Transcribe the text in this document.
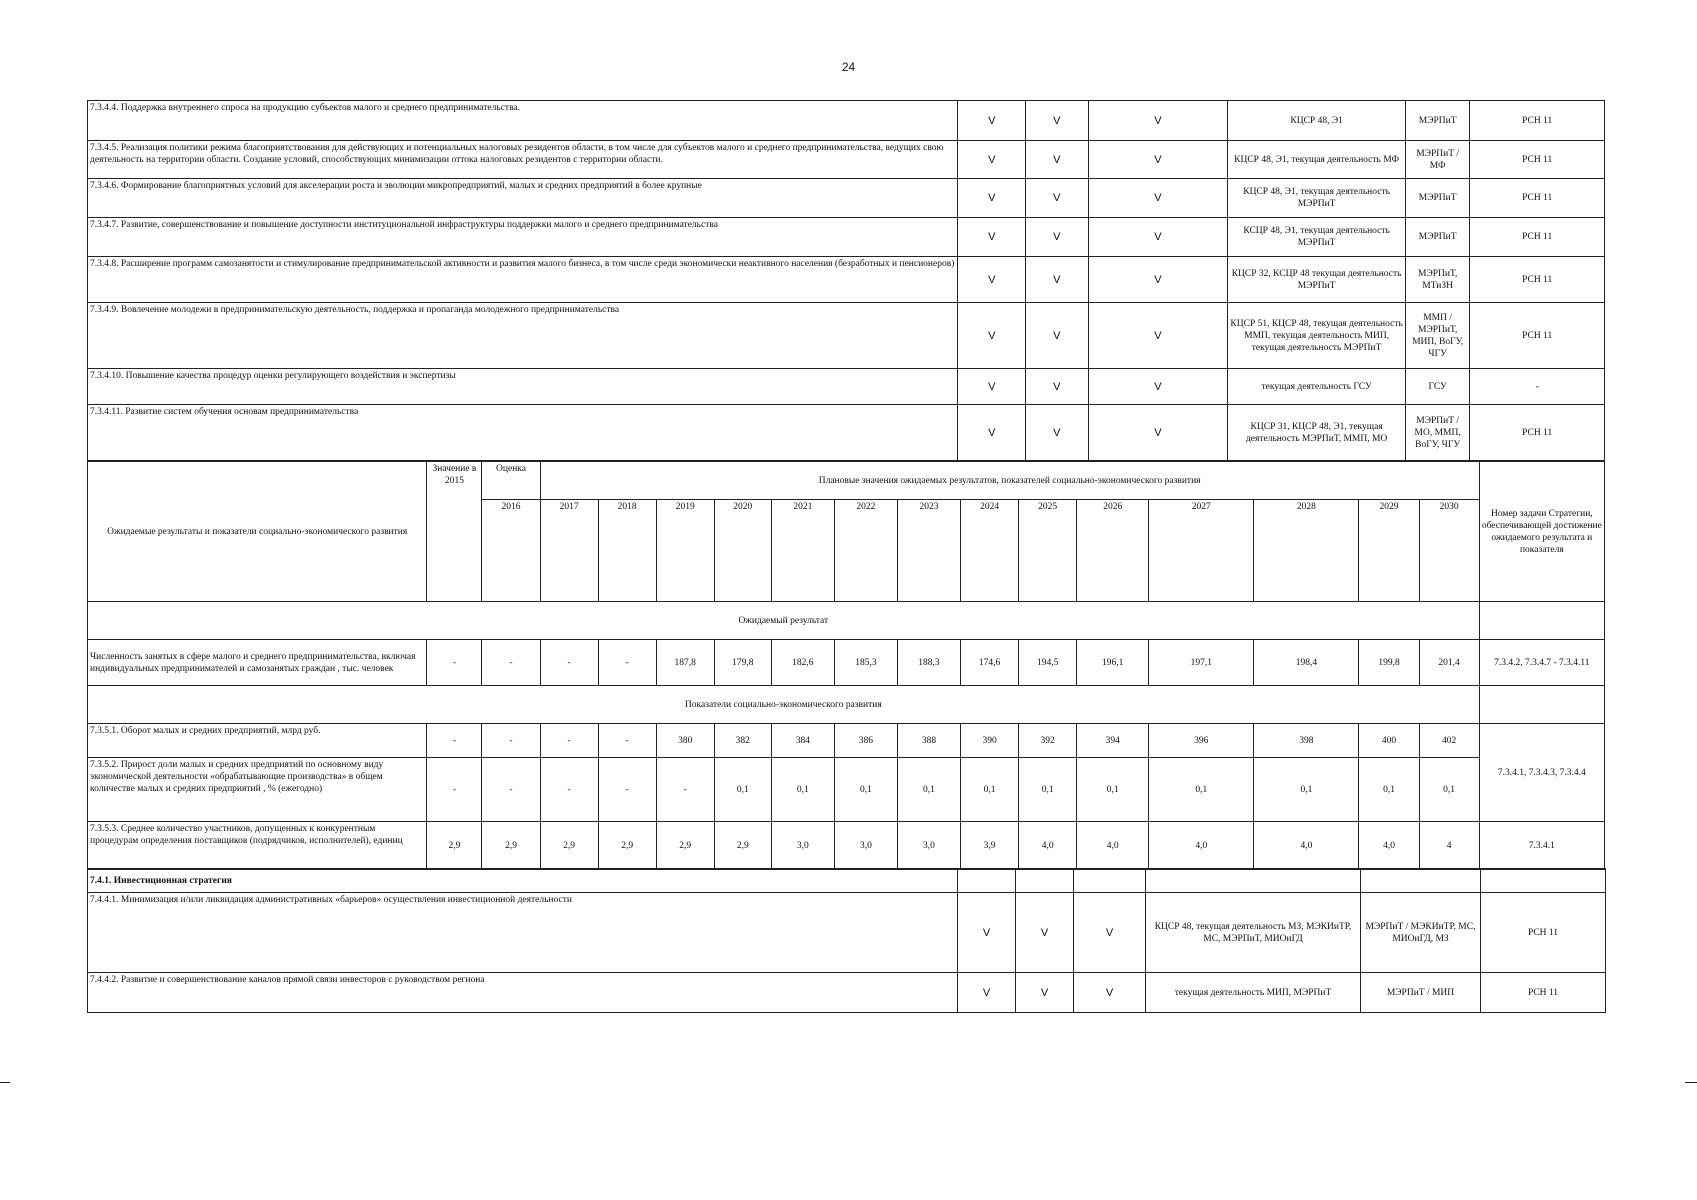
24
7.3.4.4. Поддержка внутреннего спроса на продукцию субъектов малого и среднего предпринимательства.	V	V	V	КЦСР 48, Э1	МЭРПиТ	РСН 11
7.3.4.5. Реализация политики режима благоприятствования для действующих и потенциальных налоговых резидентов области, в том числе для субъектов малого и среднего предпринимательства, ведущих свою деятельность на территории области. Создание условий, способствующих минимизации оттока налоговых резидентов с территории области.	V	V	V	КЦСР 48, Э1, текущая деятельность МФ	МЭРПиТ / МФ	РСН 11
7.3.4.6. Формирование благоприятных условий для акселерации роста и эволюции микропредприятий, малых и средних предприятий в более крупные	V	V	V	КЦСР 48, Э1, текущая деятельность МЭРПиТ	МЭРПиТ	РСН 11
7.3.4.7. Развитие, совершенствование и повышение доступности институциональной инфраструктуры поддержки малого и среднего предпринимательства	V	V	V	КСЦР 48, Э1, текущая деятельность МЭРПиТ	МЭРПиТ	РСН 11
7.3.4.8. Расширение программ самозанятости и стимулирование предпринимательской активности и развития малого бизнеса, в том числе среди экономически неактивного населения (безработных и пенсионеров)	V	V	V	КЦСР 32, КСЦР 48 текущая деятельность МЭРПиТ	МЭРПиТ, МТиЗН	РСН 11
7.3.4.9. Вовлечение молодежи в предпринимательскую деятельность, поддержка и пропаганда молодежного предпринимательства	V	V	V	КЦСР 51, КЦСР 48, текущая деятельность ММП, текущая деятельность МИП, текущая деятельность МЭРПиТ	ММП / МЭРПиТ, МИП, ВоГУ, ЧГУ	РСН 11
7.3.4.10. Повышение качества процедур оценки регулирующего воздействия и экспертизы	V	V	V	текущая деятельность ГСУ	ГСУ	-
7.3.4.11. Развитие систем обучения основам предпринимательства	V	V	V	КЦСР 31, КЦСР 48, Э1, текущая деятельность МЭРПиТ, ММП, МО	МЭРПиТ / МО, ММП, ВоГУ, ЧГУ	РСН 11
Ожидаемые результаты и показатели социально-экономического развития	Значение в 2015	Оценка	Плановые значения ожидаемых результатов, показателей социально-экономического развития														Номер задачи Стратегии, обеспечивающей достижение ожидаемого результата и показателя
		2016	2017	2018	2019	2020	2021	2022	2023	2024	2025	2026	2027	2028	2029	2030	
Ожидаемый результат																	
Численность занятых в сфере малого и среднего предпринимательства, включая индивидуальных предпринимателей и самозанятых граждан , тыс. человек	-	-	-	-	187,8	179,8	182,6	185,3	188,3	174,6	194,5	196,1	197,1	198,4	199,8	201,4	7.3.4.2, 7.3.4.7 - 7.3.4.11
Показатели социально-экономического развития																	
7.3.5.1. Оборот малых и средних предприятий, млрд руб.	-	-	-	-	380	382	384	386	388	390	392	394	396	398	400	402	7.3.4.1, 7.3.4.3, 7.3.4.4
7.3.5.2. Прирост доли малых и средних предприятий по основному виду экономической деятельности «обрабатывающие производства» в общем количестве малых и средних предприятий , % (ежегодно)	-	-	-	-	-	0,1	0,1	0,1	0,1	0,1	0,1	0,1	0,1	0,1	0,1	0,1	
7.3.5.3. Среднее количество участников, допущенных к конкурентным процедурам определения поставщиков (подрядчиков, исполнителей), единиц	2,9	2,9	2,9	2,9	2,9	2,9	3,0	3,0	3,0	3,9	4,0	4,0	4,0	4,0	4,0	4	7.3.4.1
7.4.1. Инвестиционная стратегия						
7.4.4.1. Минимизация и/или ликвидация административных «барьеров» осуществления инвестиционной деятельности	V	V	V	КЦСР 48, текущая деятельность МЗ, МЭКИиТР, МС, МЭРПиТ, МИОиГД	МЭРПиТ / МЭКИиТР, МС, МИОиГД, МЗ	РСН 11
7.4.4.2. Развитие и совершенствование каналов прямой связи инвесторов с руководством региона	V	V	V	текущая деятельность МИП, МЭРПиТ	МЭРПиТ / МИП	РСН 11
